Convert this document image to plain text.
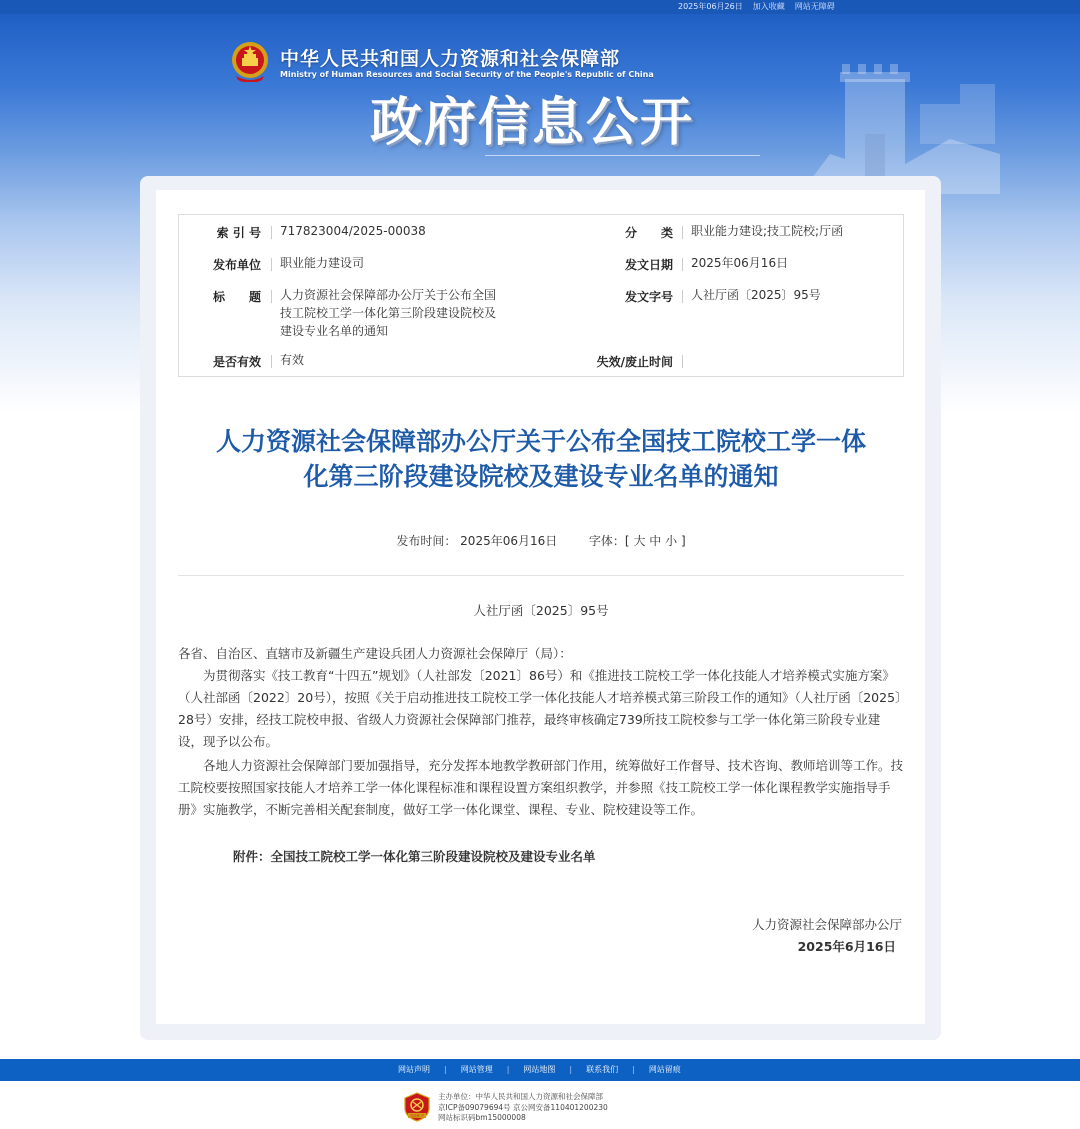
2025年06月26日 加入收藏 网站无障碍
中华人民共和国人力资源和社会保障部
Ministry of Human Resources and Social Security of the People's Republic of China
政府信息公开
索 引 号 717823004/2025-00038	分　　类 职业能力建设;技工院校;厅函
发布单位 职业能力建设司	发文日期 2025年06月16日
标　　题 人力资源社会保障部办公厅关于公布全国
技工院校工学一体化第三阶段建设院校及
建设专业名单的通知
发文字号 人社厅函〔2025〕95号
是否有效 有效	失效/废止时间
人力资源社会保障部办公厅关于公布全国技工院校工学一体
化第三阶段建设院校及建设专业名单的通知
发布时间： 2025年06月16日	字体：[ 大 中 小 ]
人社厅函〔2025〕95号
各省、自治区、直辖市及新疆生产建设兵团人力资源社会保障厅（局）：
为贯彻落实《技工教育“十四五”规划》（人社部发〔2021〕86号）和《推进技工院校工学一体化技能人才培养模式实施方案》（人社部函〔2022〕20号），按照《关于启动推进技工院校工学一体化技能人才培养模式第三阶段工作的通知》（人社厅函〔2025〕28号）安排，经技工院校申报、省级人力资源社会保障部门推荐，最终审核确定739所技工院校参与工学一体化第三阶段专业建设，现予以公布。
各地人力资源社会保障部门要加强指导，充分发挥本地教学教研部门作用，统筹做好工作督导、技术咨询、教师培训等工作。技工院校要按照国家技能人才培养工学一体化课程标准和课程设置方案组织教学，并参照《技工院校工学一体化课程教学实施指导手册》实施教学，不断完善相关配套制度，做好工学一体化课堂、课程、专业、院校建设等工作。
附件：全国技工院校工学一体化第三阶段建设院校及建设专业名单
人力资源社会保障部办公厅
2025年6月16日
网站声明 | 网站管理 | 网站地图 | 联系我们 | 网站留痕
党政机关
主办单位：中华人民共和国人力资源和社会保障部
京ICP备09079694号 京公网安备110401200230
网站标识码bm15000008
